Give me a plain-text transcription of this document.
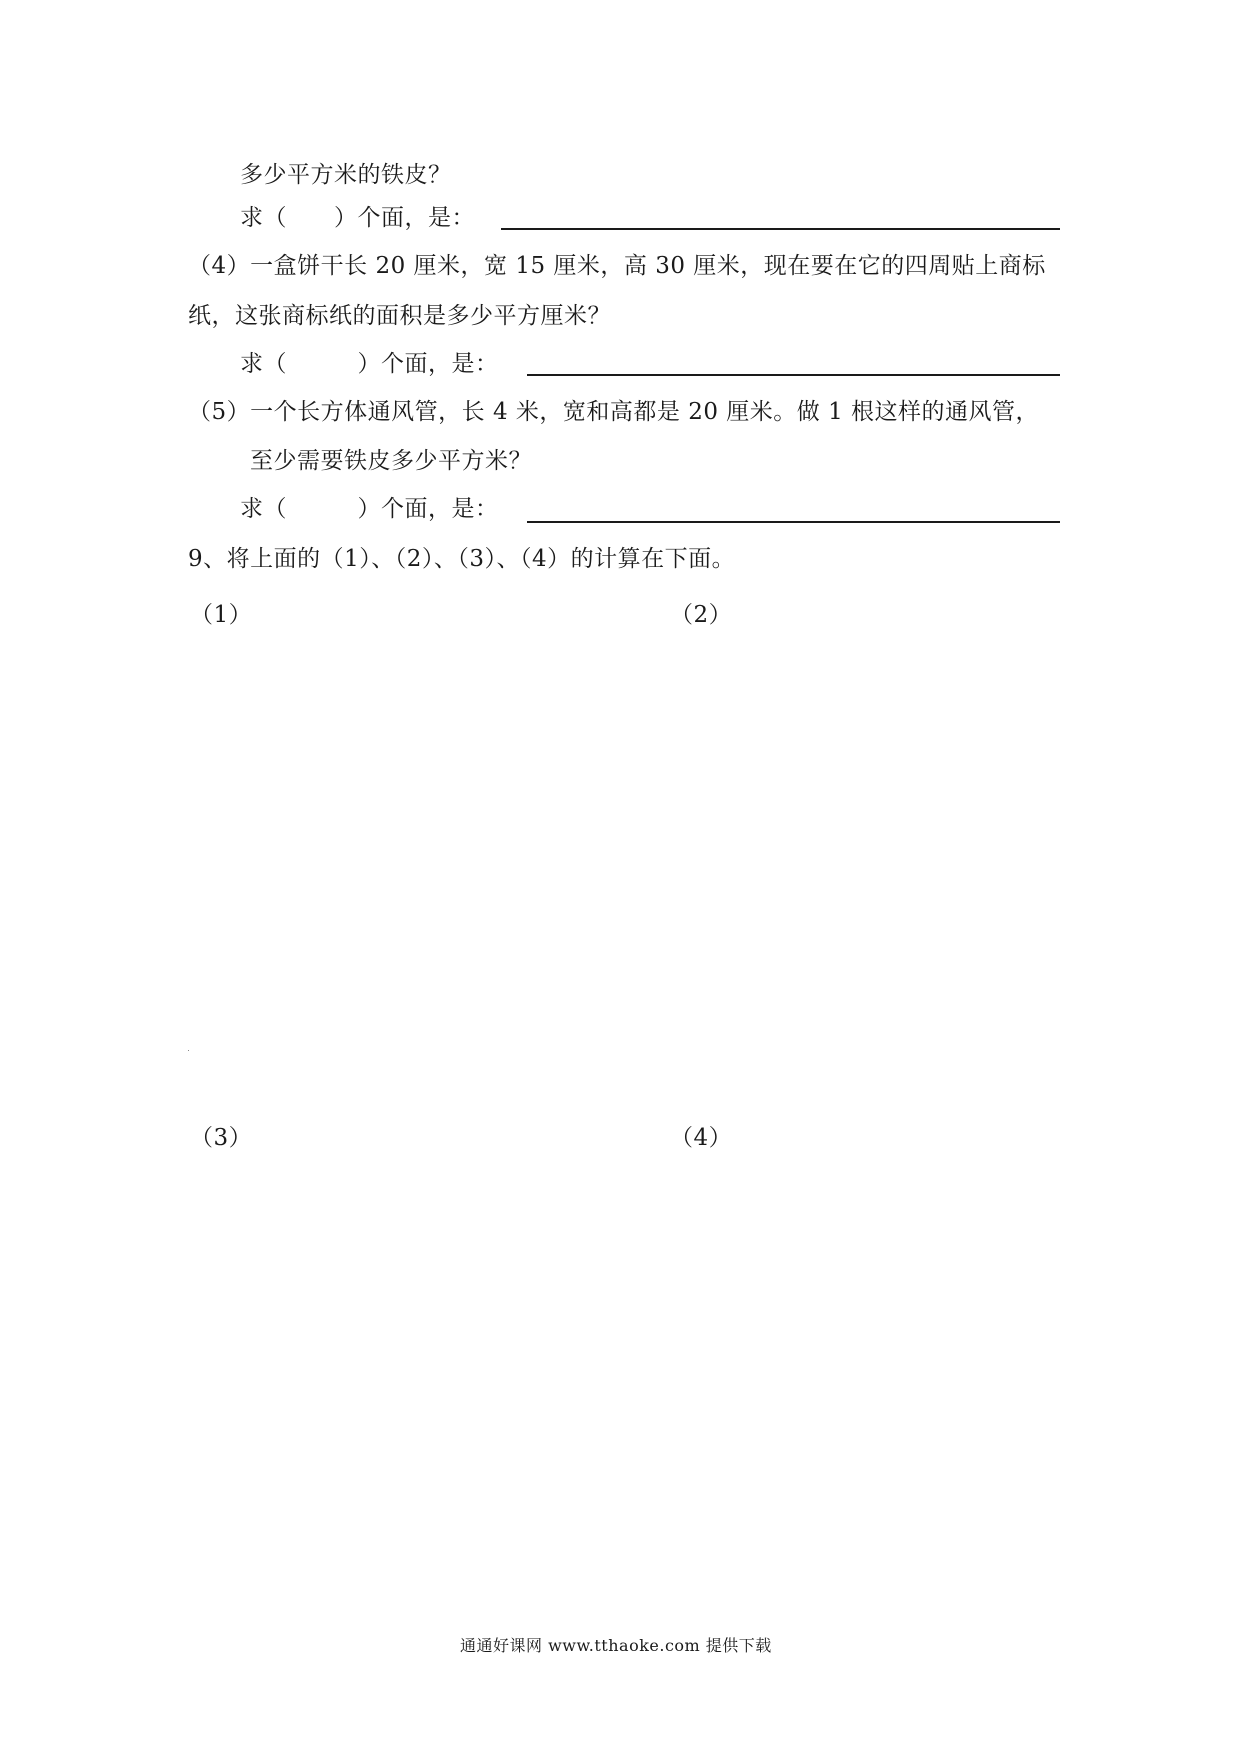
多少平方米的铁皮？
求（　　）个面，是：
（4）一盒饼干长 20 厘米，宽 15 厘米，高 30 厘米，现在要在它的四周贴上商标
纸，这张商标纸的面积是多少平方厘米？
求（　　　）个面，是：
（5）一个长方体通风管，长 4 米，宽和高都是 20 厘米。做 1 根这样的通风管，
至少需要铁皮多少平方米？
求（　　　）个面，是：
9、将上面的（1）、（2）、（3）、（4）的计算在下面。
（1）	（2）
（3）	（4）
通通好课网 www.tthaoke.com 提供下载
